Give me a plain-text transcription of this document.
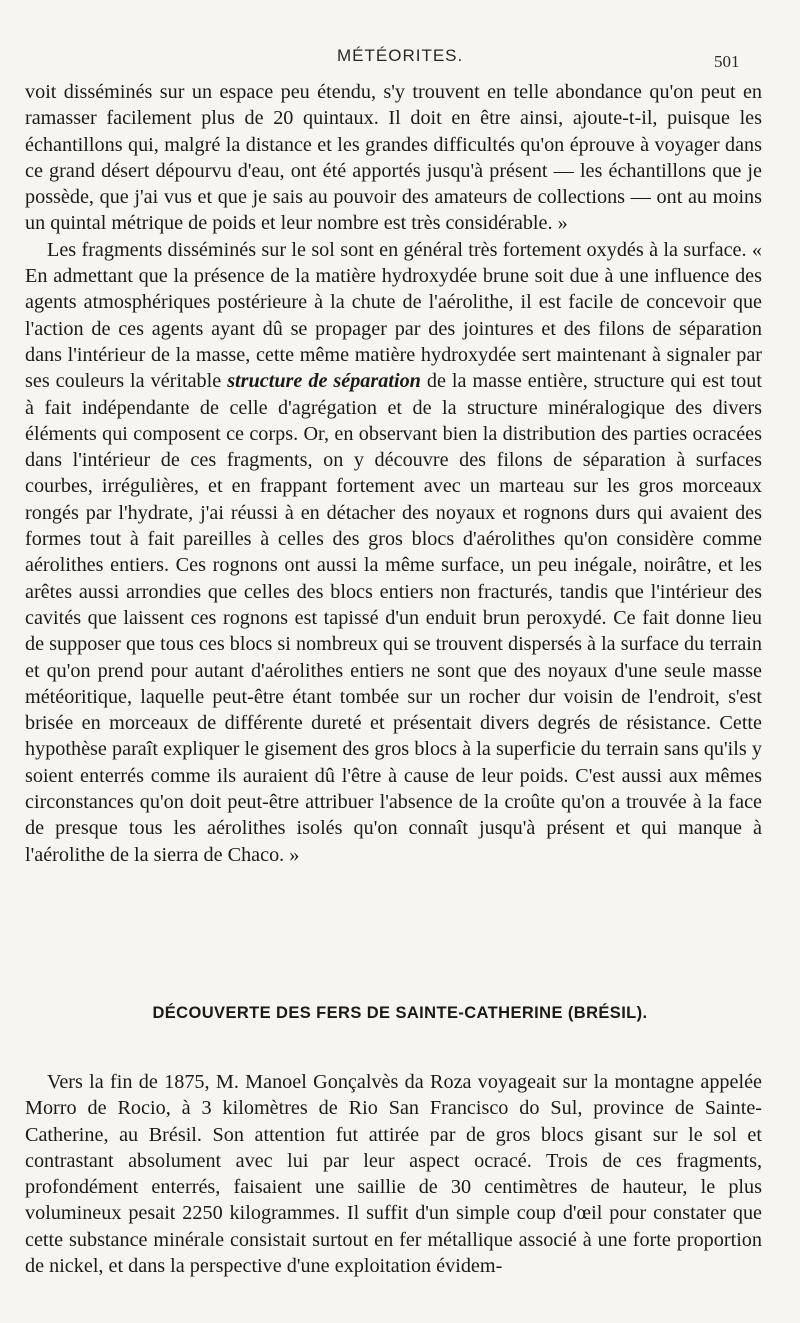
MÉTÉORITES.	501

voit disséminés sur un espace peu étendu, s'y trouvent en telle abondance qu'on peut en ramasser facilement plus de 20 quintaux. Il doit en être ainsi, ajoute-t-il, puisque les échantillons qui, malgré la distance et les grandes difficultés qu'on éprouve à voyager dans ce grand désert dépourvu d'eau, ont été apportés jusqu'à présent — les échantillons que je possède, que j'ai vus et que je sais au pouvoir des amateurs de collections — ont au moins un quintal métrique de poids et leur nombre est très considérable. »

Les fragments disséminés sur le sol sont en général très fortement oxydés à la surface. « En admettant que la présence de la matière hydroxydée brune soit due à une influence des agents atmosphériques postérieure à la chute de l'aérolithe, il est facile de concevoir que l'action de ces agents ayant dû se propager par des jointures et des filons de séparation dans l'intérieur de la masse, cette même matière hydroxydée sert maintenant à signaler par ses couleurs la véritable structure de séparation de la masse entière, structure qui est tout à fait indépendante de celle d'agrégation et de la structure minéralogique des divers éléments qui composent ce corps. Or, en observant bien la distribution des parties ocracées dans l'intérieur de ces fragments, on y découvre des filons de séparation à surfaces courbes, irrégulières, et en frappant fortement avec un marteau sur les gros morceaux rongés par l'hydrate, j'ai réussi à en détacher des noyaux et rognons durs qui avaient des formes tout à fait pareilles à celles des gros blocs d'aérolithes qu'on considère comme aérolithes entiers. Ces rognons ont aussi la même surface, un peu inégale, noirâtre, et les arêtes aussi arrondies que celles des blocs entiers non fracturés, tandis que l'intérieur des cavités que laissent ces rognons est tapissé d'un enduit brun peroxydé. Ce fait donne lieu de supposer que tous ces blocs si nombreux qui se trouvent dispersés à la surface du terrain et qu'on prend pour autant d'aérolithes entiers ne sont que des noyaux d'une seule masse météoritique, laquelle peut-être étant tombée sur un rocher dur voisin de l'endroit, s'est brisée en morceaux de différente dureté et présentait divers degrés de résistance. Cette hypothèse paraît expliquer le gisement des gros blocs à la superficie du terrain sans qu'ils y soient enterrés comme ils auraient dû l'être à cause de leur poids. C'est aussi aux mêmes circonstances qu'on doit peut-être attribuer l'absence de la croûte qu'on a trouvée à la face de presque tous les aérolithes isolés qu'on connaît jusqu'à présent et qui manque à l'aérolithe de la sierra de Chaco. »

DÉCOUVERTE DES FERS DE SAINTE-CATHERINE (BRÉSIL).

Vers la fin de 1875, M. Manoel Gonçalvès da Roza voyageait sur la montagne appelée Morro de Rocio, à 3 kilomètres de Rio San Francisco do Sul, province de Sainte-Catherine, au Brésil. Son attention fut attirée par de gros blocs gisant sur le sol et contrastant absolument avec lui par leur aspect ocracé. Trois de ces fragments, profondément enterrés, faisaient une saillie de 30 centimètres de hauteur, le plus volumineux pesait 2250 kilogrammes. Il suffit d'un simple coup d'œil pour constater que cette substance minérale consistait surtout en fer métallique associé à une forte proportion de nickel, et dans la perspective d'une exploitation évidem-
